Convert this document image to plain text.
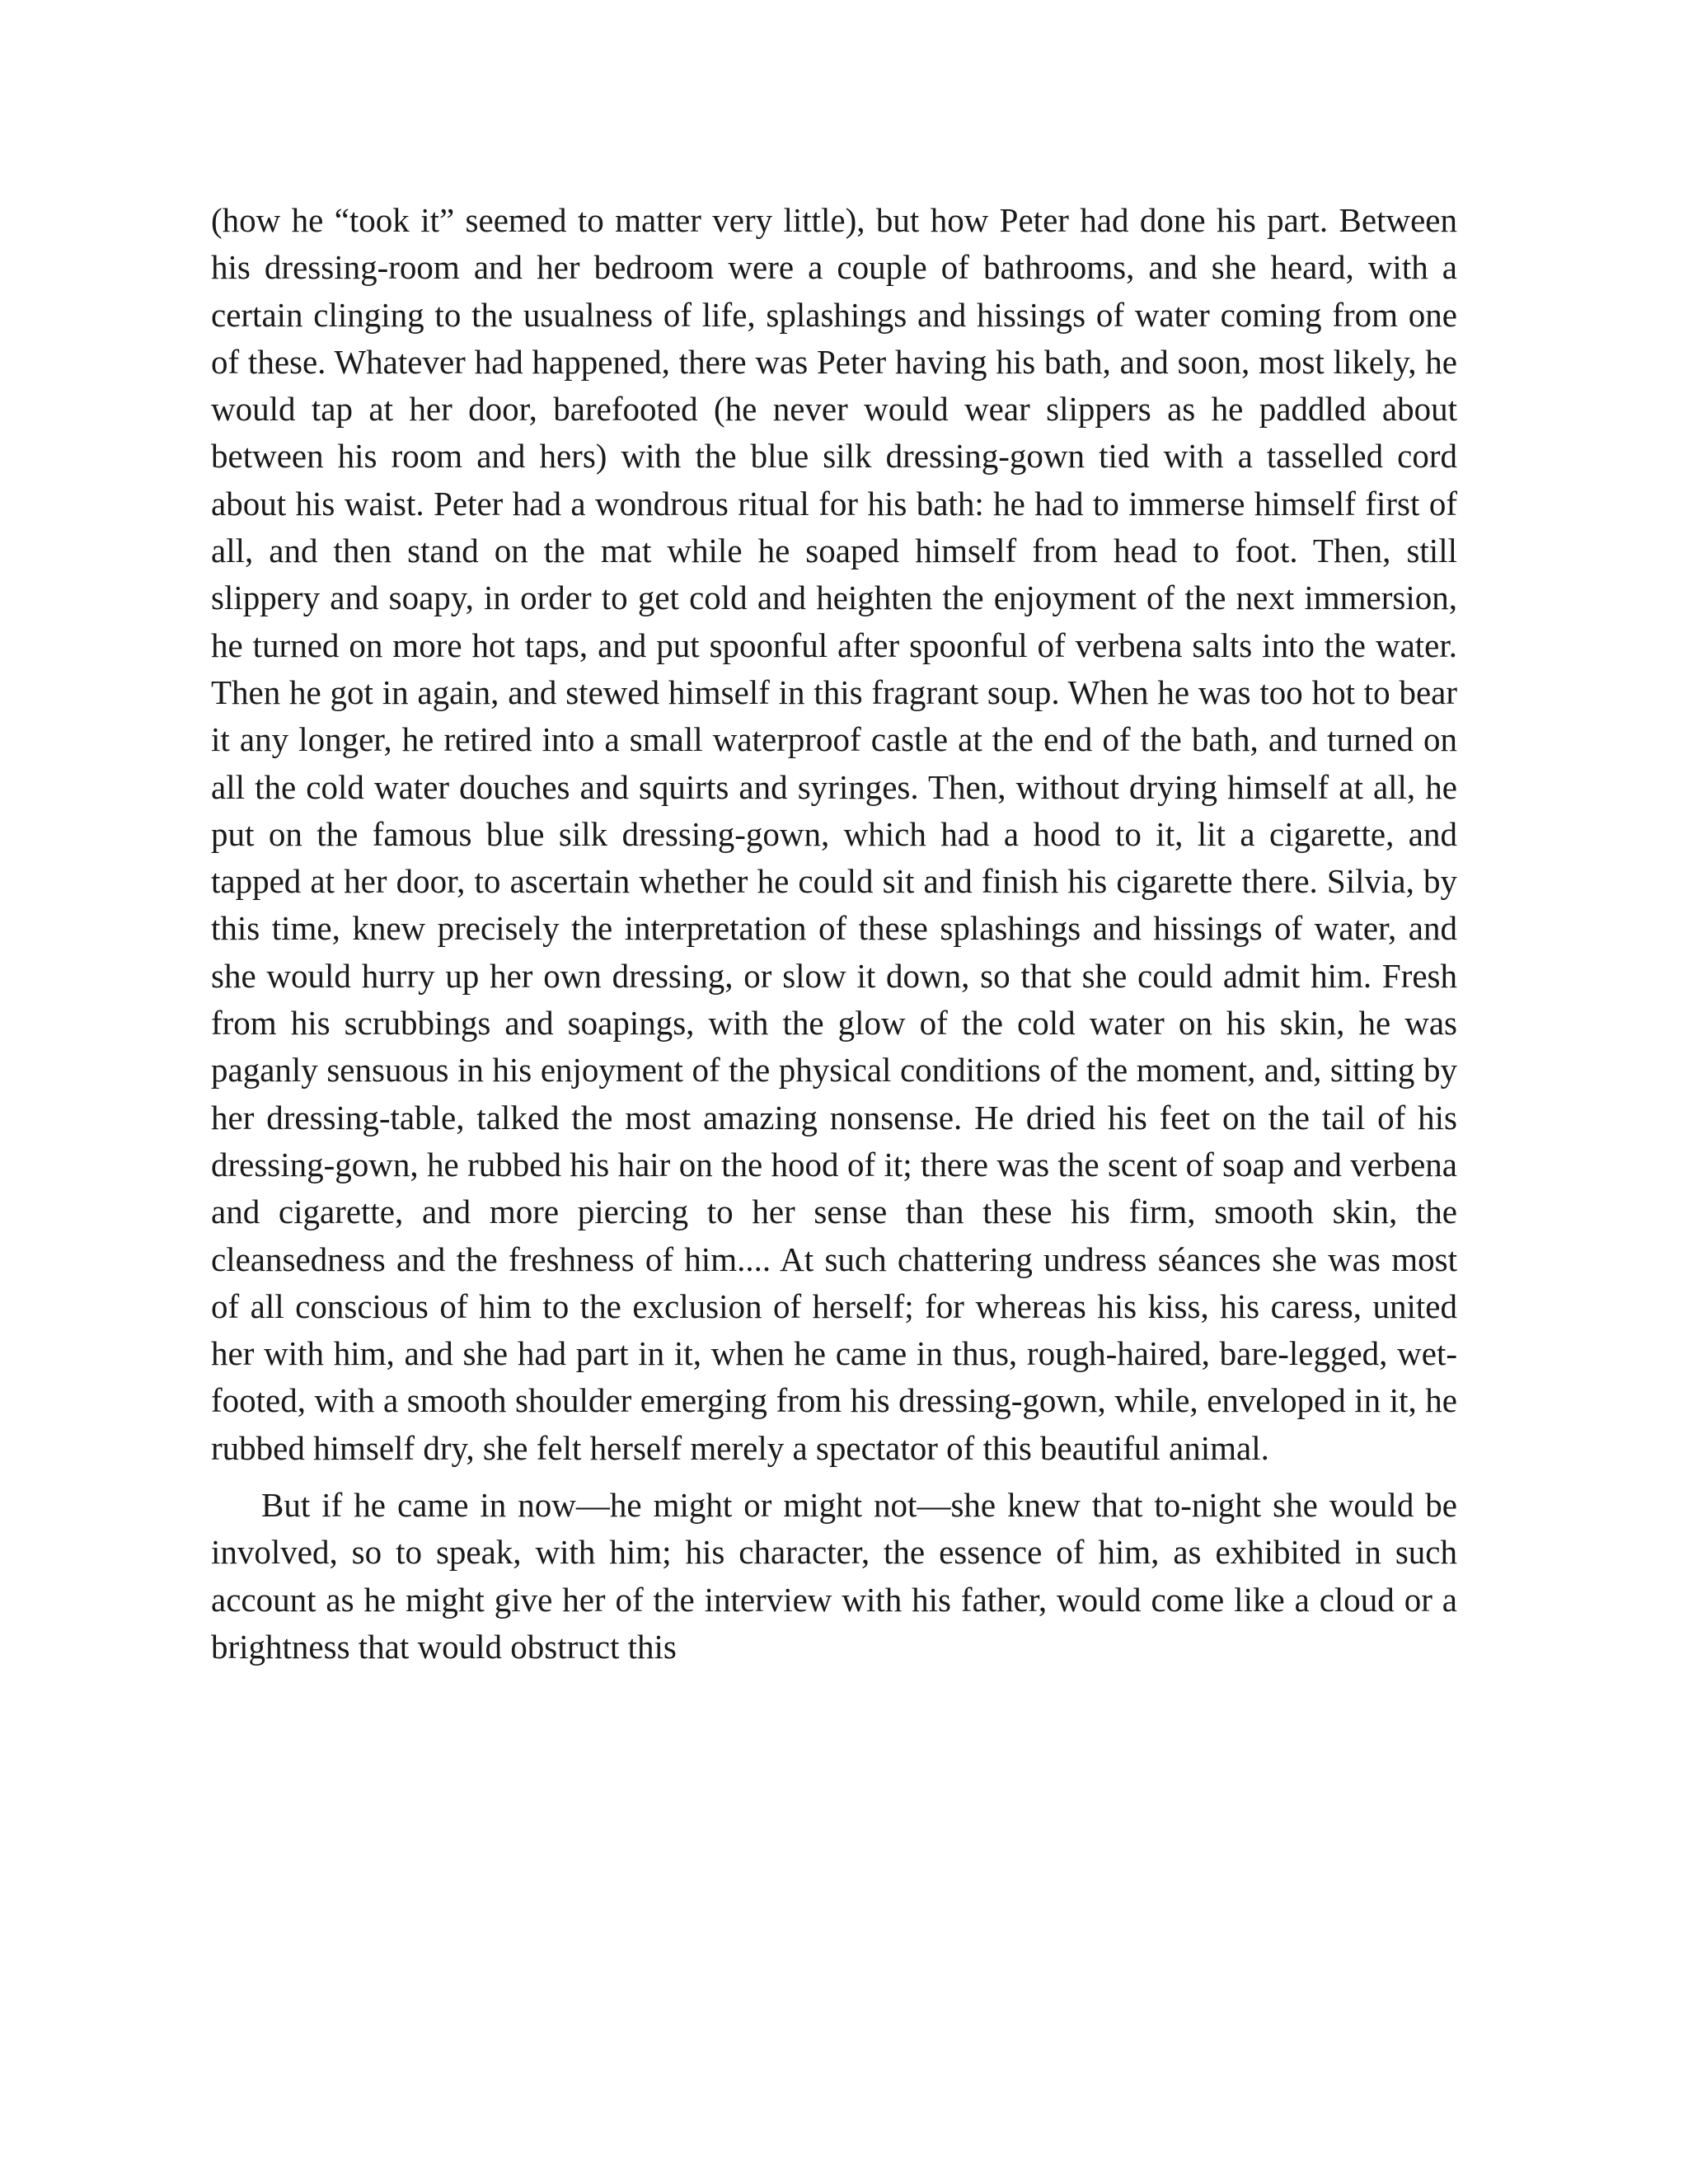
(how he “took it” seemed to matter very little), but how Peter had done his part. Between his dressing-room and her bedroom were a couple of bathrooms, and she heard, with a certain clinging to the usualness of life, splashings and hissings of water coming from one of these. Whatever had happened, there was Peter having his bath, and soon, most likely, he would tap at her door, barefooted (he never would wear slippers as he paddled about between his room and hers) with the blue silk dressing-gown tied with a tasselled cord about his waist. Peter had a wondrous ritual for his bath: he had to immerse himself first of all, and then stand on the mat while he soaped himself from head to foot. Then, still slippery and soapy, in order to get cold and heighten the enjoyment of the next immersion, he turned on more hot taps, and put spoonful after spoonful of verbena salts into the water. Then he got in again, and stewed himself in this fragrant soup. When he was too hot to bear it any longer, he retired into a small waterproof castle at the end of the bath, and turned on all the cold water douches and squirts and syringes. Then, without drying himself at all, he put on the famous blue silk dressing-gown, which had a hood to it, lit a cigarette, and tapped at her door, to ascertain whether he could sit and finish his cigarette there. Silvia, by this time, knew precisely the interpretation of these splashings and hissings of water, and she would hurry up her own dressing, or slow it down, so that she could admit him. Fresh from his scrubbings and soapings, with the glow of the cold water on his skin, he was paganly sensuous in his enjoyment of the physical conditions of the moment, and, sitting by her dressing-table, talked the most amazing nonsense. He dried his feet on the tail of his dressing-gown, he rubbed his hair on the hood of it; there was the scent of soap and verbena and cigarette, and more piercing to her sense than these his firm, smooth skin, the cleansedness and the freshness of him.... At such chattering undress séances she was most of all conscious of him to the exclusion of herself; for whereas his kiss, his caress, united her with him, and she had part in it, when he came in thus, rough-haired, bare-legged, wet-footed, with a smooth shoulder emerging from his dressing-gown, while, enveloped in it, he rubbed himself dry, she felt herself merely a spectator of this beautiful animal.

But if he came in now—he might or might not—she knew that to-night she would be involved, so to speak, with him; his character, the essence of him, as exhibited in such account as he might give her of the interview with his father, would come like a cloud or a brightness that would obstruct this
